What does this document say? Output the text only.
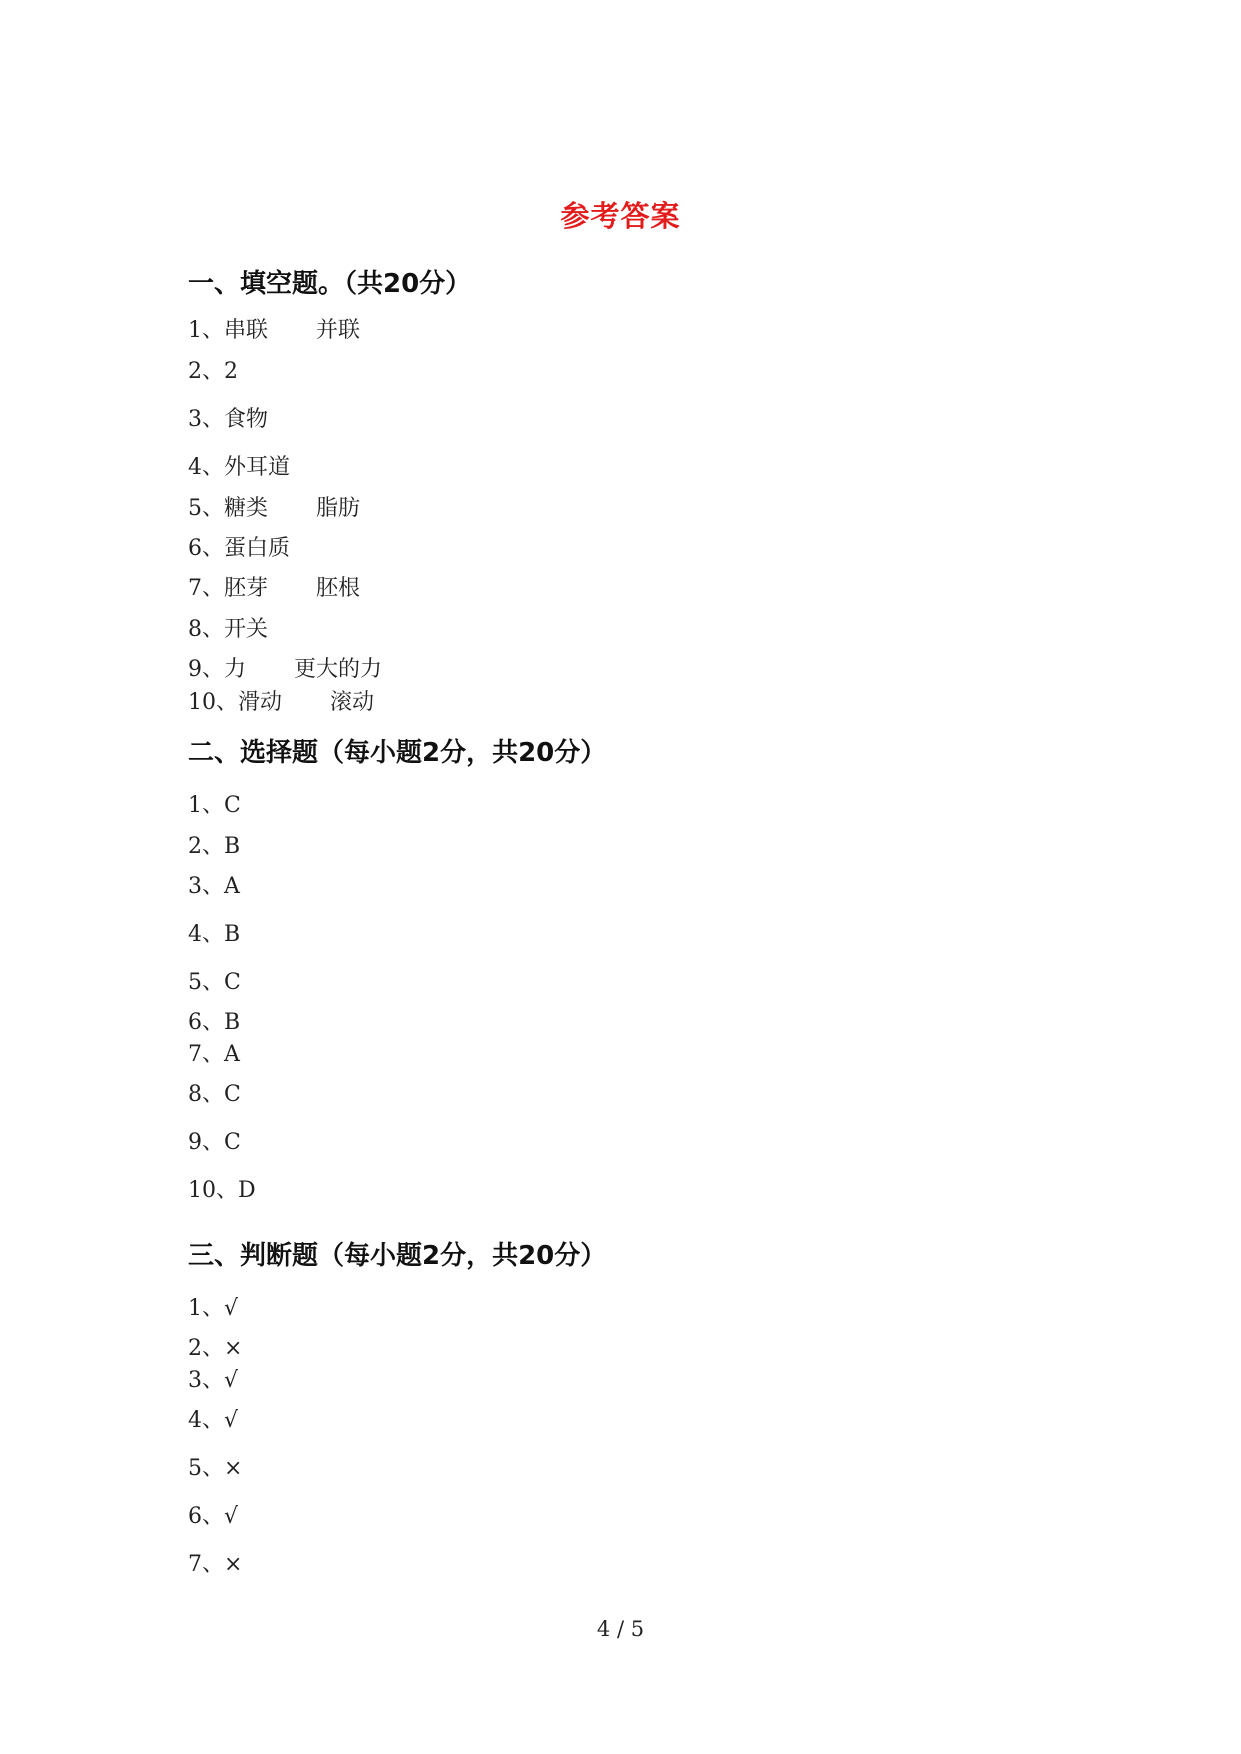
参考答案
一、填空题。（共20分）
1、串联 并联
2、2
3、食物
4、外耳道
5、糖类 脂肪
6、蛋白质
7、胚芽 胚根
8、开关
9、力 更大的力
10、滑动 滚动
二、选择题（每小题2分，共20分）
1、C
2、B
3、A
4、B
5、C
6、B
7、A
8、C
9、C
10、D
三、判断题（每小题2分，共20分）
1、√
2、×
3、√
4、√
5、×
6、√
7、×
4 / 5
